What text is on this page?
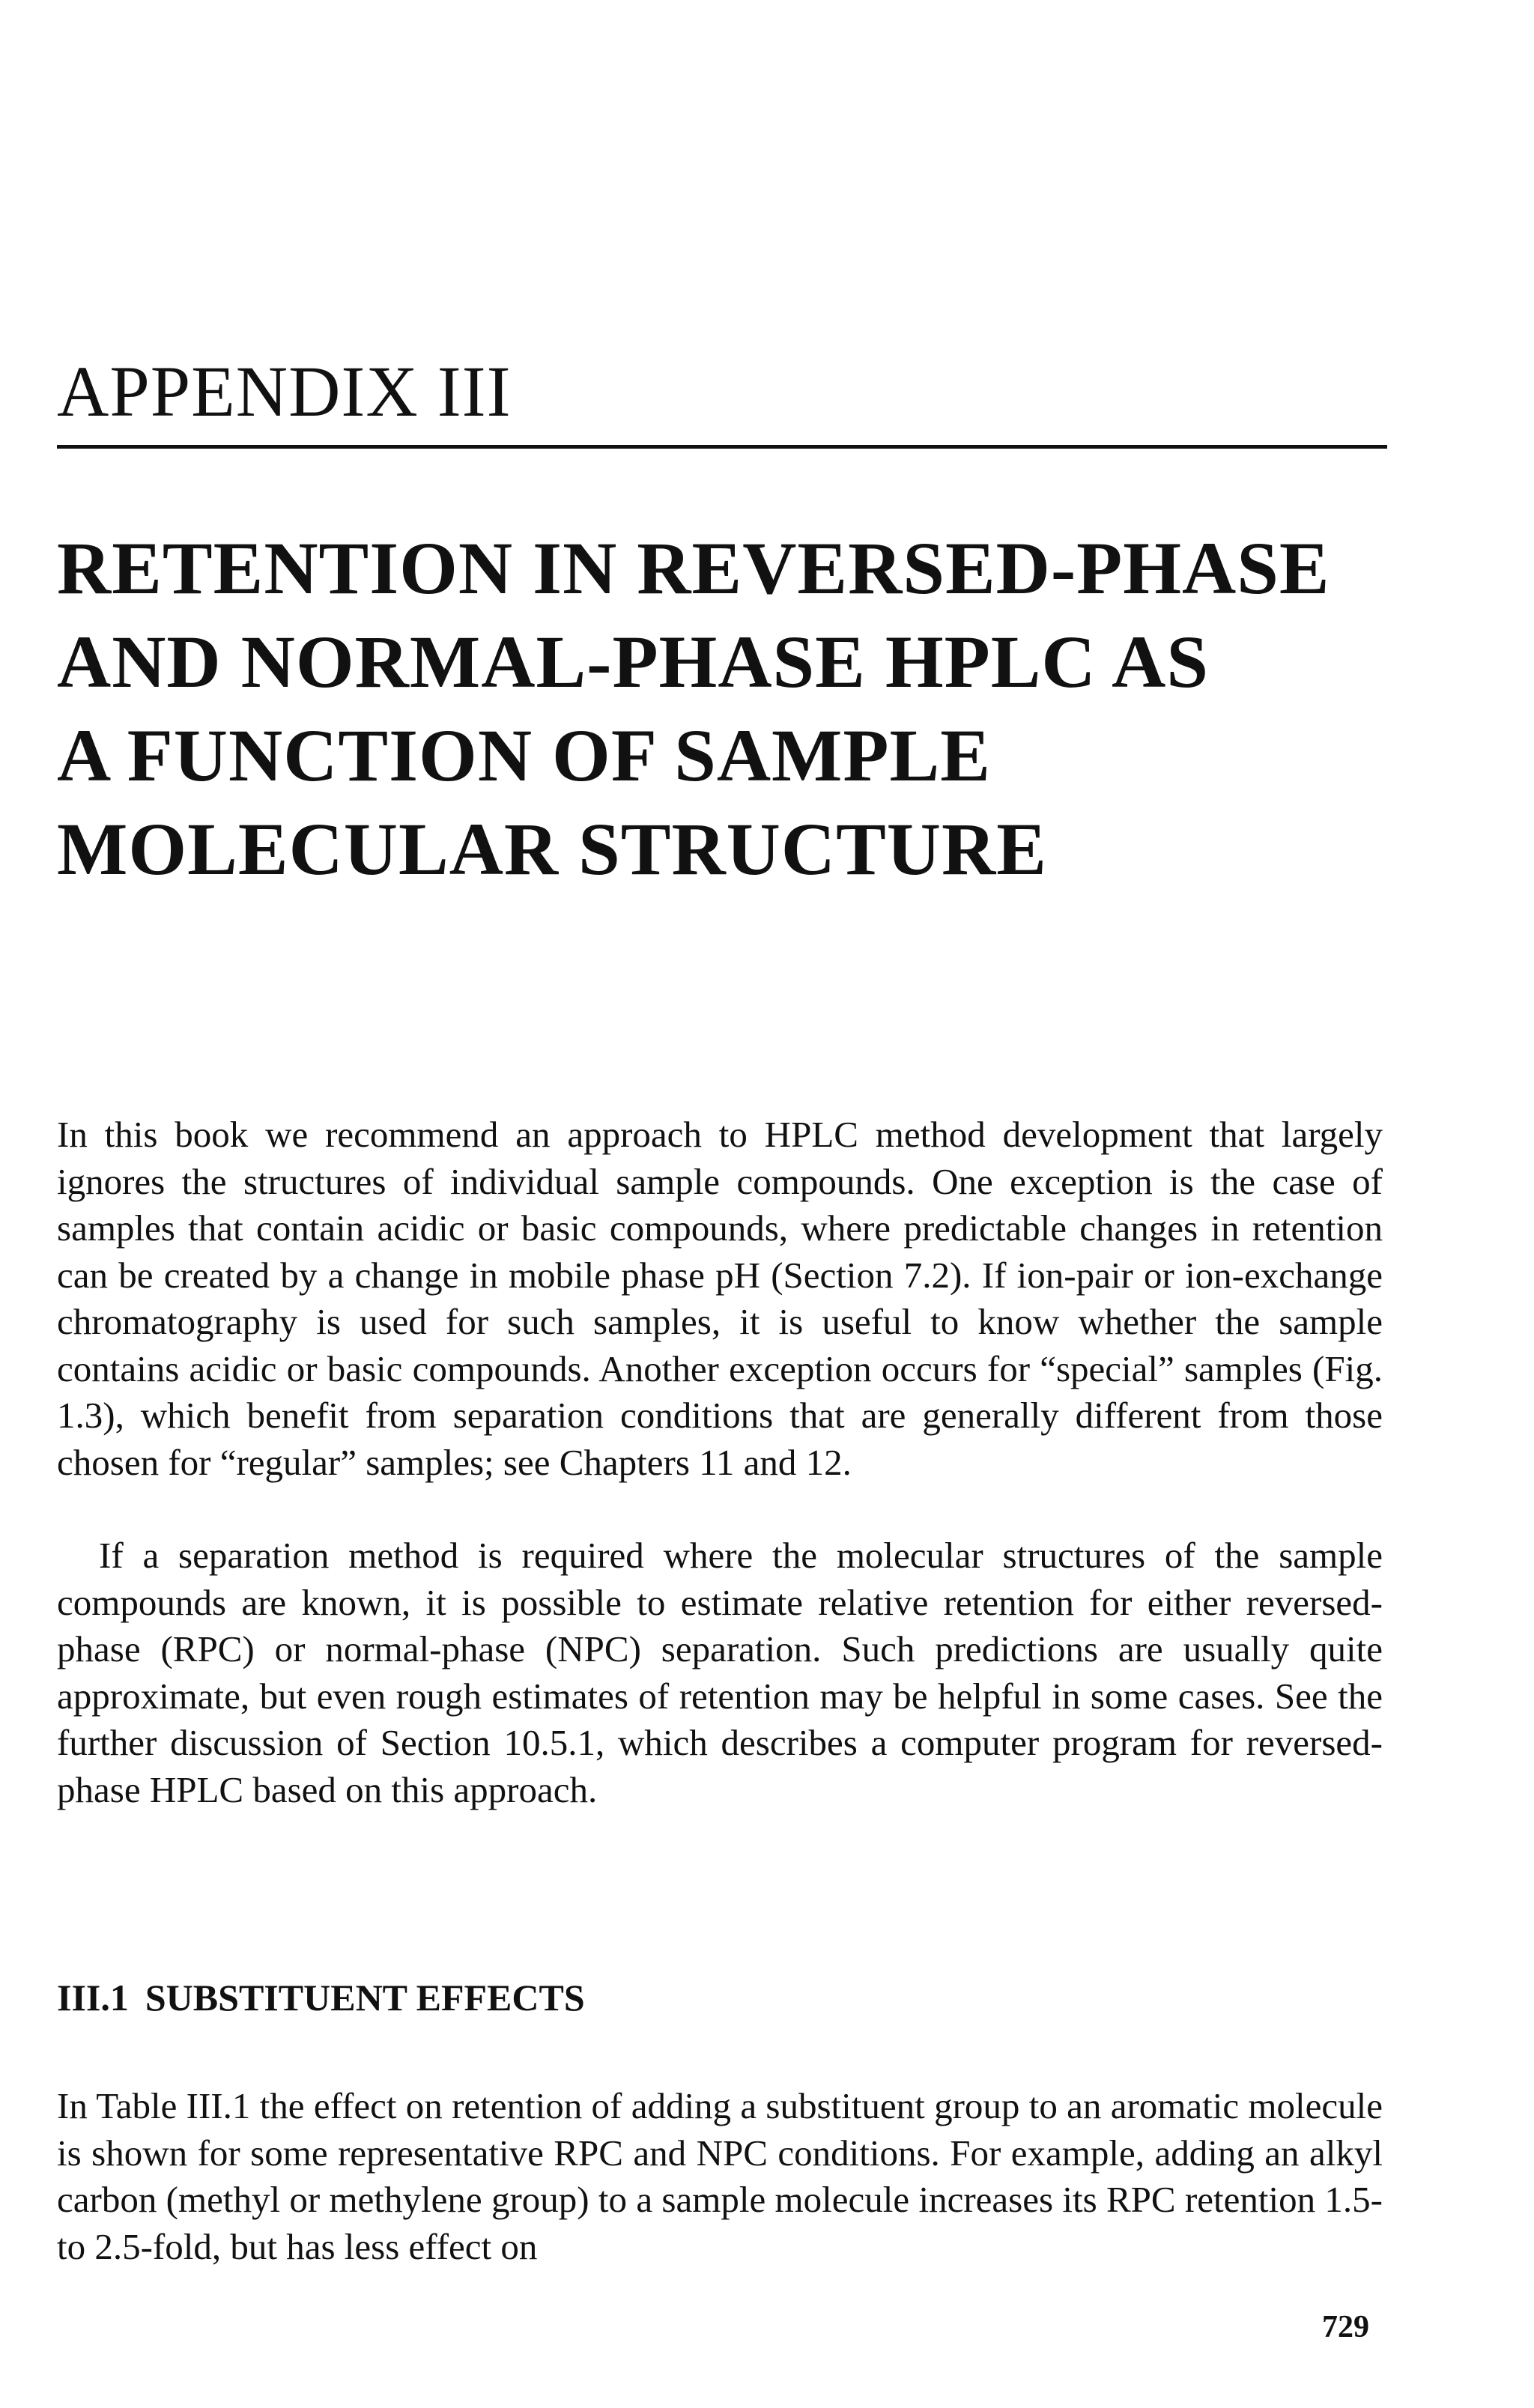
APPENDIX III
RETENTION IN REVERSED-PHASE
AND NORMAL-PHASE HPLC AS
A FUNCTION OF SAMPLE
MOLECULAR STRUCTURE

In this book we recommend an approach to HPLC method development that largely ignores the structures of individual sample compounds. One exception is the case of samples that contain acidic or basic compounds, where predictable changes in retention can be created by a change in mobile phase pH (Section 7.2). If ion-pair or ion-exchange chromatography is used for such samples, it is useful to know whether the sample contains acidic or basic compounds. Another exception occurs for “special” samples (Fig. 1.3), which benefit from separation conditions that are generally different from those chosen for “regular” samples; see Chapters 11 and 12.

If a separation method is required where the molecular structures of the sample compounds are known, it is possible to estimate relative retention for either reversed-phase (RPC) or normal-phase (NPC) separation. Such predictions are usually quite approximate, but even rough estimates of retention may be helpful in some cases. See the further discussion of Section 10.5.1, which describes a computer program for reversed-phase HPLC based on this approach.

III.1 SUBSTITUENT EFFECTS

In Table III.1 the effect on retention of adding a substituent group to an aromatic molecule is shown for some representative RPC and NPC conditions. For example, adding an alkyl carbon (methyl or methylene group) to a sample molecule increases its RPC retention 1.5- to 2.5-fold, but has less effect on

729
